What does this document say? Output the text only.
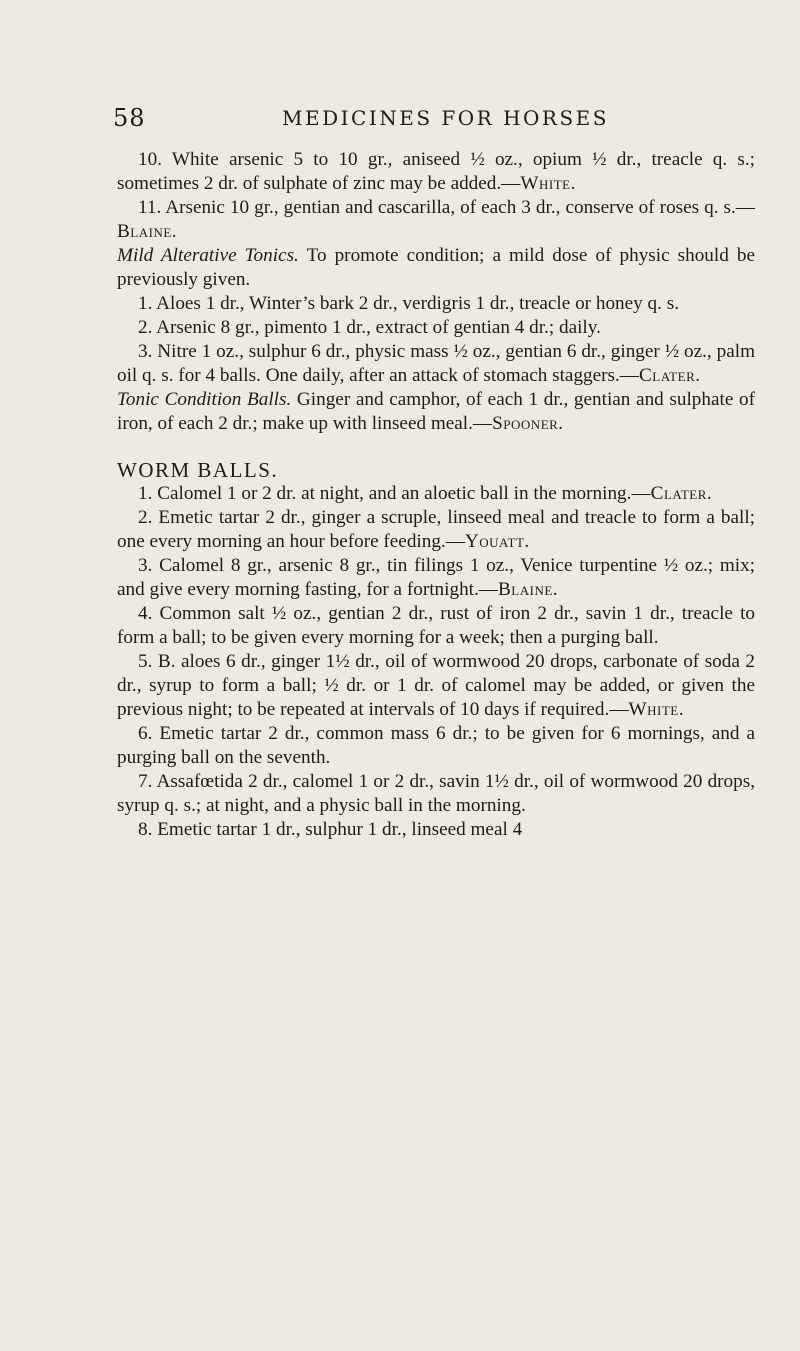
58	MEDICINES FOR HORSES

10. White arsenic 5 to 10 gr., aniseed ½ oz., opium ½ dr., treacle q. s.; sometimes 2 dr. of sulphate of zinc may be added.—White.

11. Arsenic 10 gr., gentian and cascarilla, of each 3 dr., conserve of roses q. s.—Blaine.

Mild Alterative Tonics. To promote condition; a mild dose of physic should be previously given.

1. Aloes 1 dr., Winter’s bark 2 dr., verdigris 1 dr., treacle or honey q. s.

2. Arsenic 8 gr., pimento 1 dr., extract of gentian 4 dr.; daily.

3. Nitre 1 oz., sulphur 6 dr., physic mass ½ oz., gentian 6 dr., ginger ½ oz., palm oil q. s. for 4 balls. One daily, after an attack of stomach staggers.—Clater.

Tonic Condition Balls. Ginger and camphor, of each 1 dr., gentian and sulphate of iron, of each 2 dr.; make up with linseed meal.—Spooner.

WORM BALLS.

1. Calomel 1 or 2 dr. at night, and an aloetic ball in the morning.—Clater.

2. Emetic tartar 2 dr., ginger a scruple, linseed meal and treacle to form a ball; one every morning an hour before feeding.—Youatt.

3. Calomel 8 gr., arsenic 8 gr., tin filings 1 oz., Venice turpentine ½ oz.; mix; and give every morning fasting, for a fortnight.—Blaine.

4. Common salt ½ oz., gentian 2 dr., rust of iron 2 dr., savin 1 dr., treacle to form a ball; to be given every morning for a week; then a purging ball.

5. B. aloes 6 dr., ginger 1½ dr., oil of wormwood 20 drops, carbonate of soda 2 dr., syrup to form a ball; ½ dr. or 1 dr. of calomel may be added, or given the previous night; to be repeated at intervals of 10 days if required.—White.

6. Emetic tartar 2 dr., common mass 6 dr.; to be given for 6 mornings, and a purging ball on the seventh.

7. Assafœtida 2 dr., calomel 1 or 2 dr., savin 1½ dr., oil of wormwood 20 drops, syrup q. s.; at night, and a physic ball in the morning.

8. Emetic tartar 1 dr., sulphur 1 dr., linseed meal 4
